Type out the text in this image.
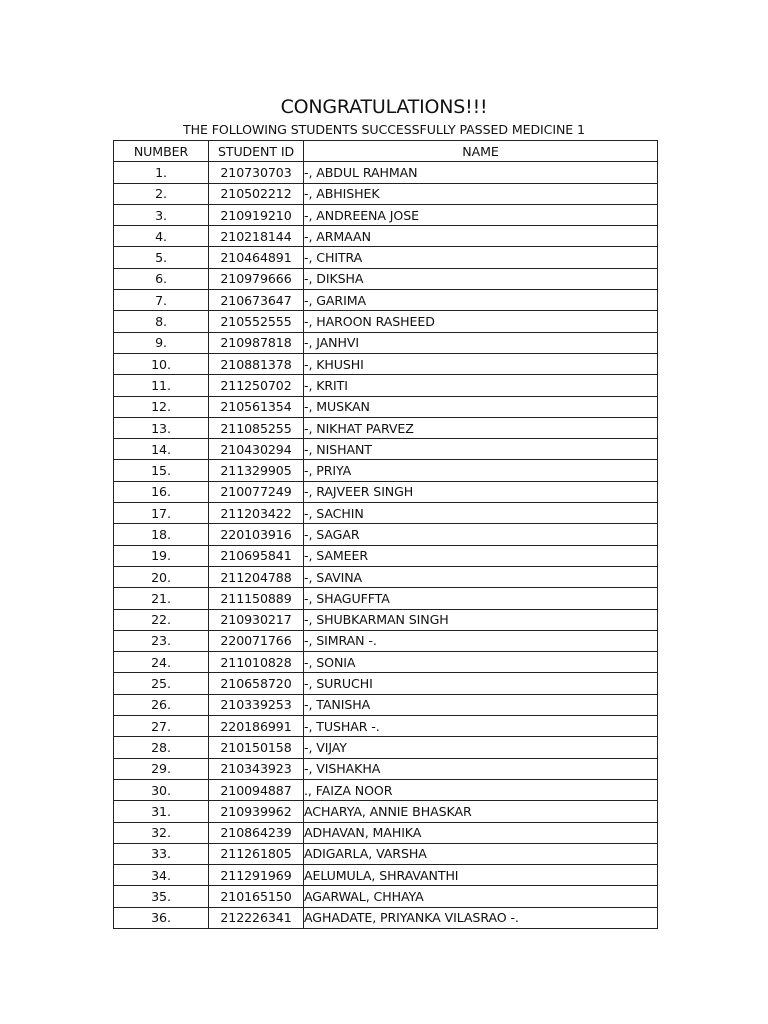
CONGRATULATIONS!!!
THE FOLLOWING STUDENTS SUCCESSFULLY PASSED MEDICINE 1
NUMBER	STUDENT ID	NAME
1.	210730703	-, ABDUL RAHMAN
2.	210502212	-, ABHISHEK
3.	210919210	-, ANDREENA JOSE
4.	210218144	-, ARMAAN
5.	210464891	-, CHITRA
6.	210979666	-, DIKSHA
7.	210673647	-, GARIMA
8.	210552555	-, HAROON RASHEED
9.	210987818	-, JANHVI
10.	210881378	-, KHUSHI
11.	211250702	-, KRITI
12.	210561354	-, MUSKAN
13.	211085255	-, NIKHAT PARVEZ
14.	210430294	-, NISHANT
15.	211329905	-, PRIYA
16.	210077249	-, RAJVEER SINGH
17.	211203422	-, SACHIN
18.	220103916	-, SAGAR
19.	210695841	-, SAMEER
20.	211204788	-, SAVINA
21.	211150889	-, SHAGUFFTA
22.	210930217	-, SHUBKARMAN SINGH
23.	220071766	-, SIMRAN -.
24.	211010828	-, SONIA
25.	210658720	-, SURUCHI
26.	210339253	-, TANISHA
27.	220186991	-, TUSHAR -.
28.	210150158	-, VIJAY
29.	210343923	-, VISHAKHA
30.	210094887	., FAIZA NOOR
31.	210939962	ACHARYA, ANNIE BHASKAR
32.	210864239	ADHAVAN, MAHIKA
33.	211261805	ADIGARLA, VARSHA
34.	211291969	AELUMULA, SHRAVANTHI
35.	210165150	AGARWAL, CHHAYA
36.	212226341	AGHADATE, PRIYANKA VILASRAO -.
